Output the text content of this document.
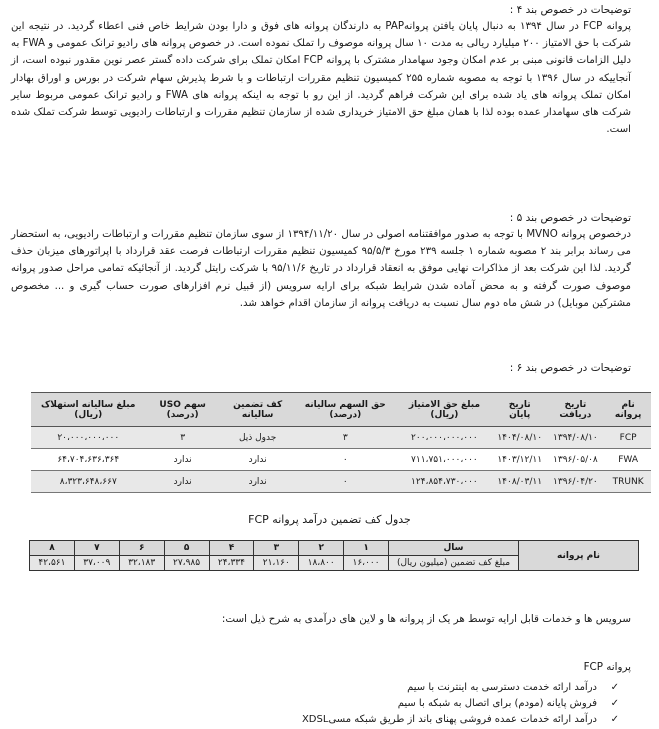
توضیحات در خصوص بند ۴ :

پروانه FCP در سال ۱۳۹۴ به دنبال پایان یافتن پروانهPAP به دارندگان پروانه های فوق و دارا بودن شرایط خاص فنی اعطاء گردید. در نتیجه این شرکت با حق الامتیاز ۲۰۰ میلیارد ریالی به مدت ۱۰ سال پروانه موصوف را تملک نموده است. در خصوص پروانه های رادیو ترانک عمومی و FWA به دلیل الزامات قانونی مبنی بر عدم امکان وجود سهامدار مشترک با پروانه FCP امکان تملک برای شرکت داده گستر عصر نوین مقدور نبوده است، از آنجاییکه در سال ۱۳۹۶ با توجه به مصوبه شماره ۲۵۵ کمیسیون تنظیم مقررات ارتباطات و با شرط پذیرش سهام شرکت در بورس و اوراق بهادار امکان تملک پروانه های یاد شده برای این شرکت فراهم گردید. از این رو با توجه به اینکه پروانه های FWA و رادیو ترانک عمومی مربوط سایر شرکت های سهامدار عمده بوده لذا با همان مبلغ حق الامتیاز خریداری شده از سازمان تنظیم مقررات و ارتباطات رادیویی توسط شرکت تملک شده است.

توضیحات در خصوص بند ۵ :

درخصوص پروانه MVNO با توجه به صدور موافقتنامه اصولی در سال ۱۳۹۴/۱۱/۲۰ از سوی سازمان تنظیم مقررات و ارتباطات رادیویی، به استحضار می رساند برابر بند ۲ مصوبه شماره ۱ جلسه ۲۳۹ مورخ ۹۵/۵/۳ کمیسیون تنظیم مقررات ارتباطات فرصت عقد قرارداد با اپراتورهای میزبان حذف گردید. لذا این شرکت بعد از مذاکرات نهایی موفق به انعقاد قرارداد در تاریخ ۹۵/۱۱/۶ با شرکت رایتل گردید. از آنجائیکه تمامی مراحل صدور پروانه موصوف صورت گرفته و به محض آماده شدن شرایط شبکه برای ارایه سرویس (از قبیل نرم افزارهای صورت حساب گیری و ... مخصوص مشترکین موبایل) در شش ماه دوم سال نسبت به دریافت پروانه از سازمان اقدام خواهد شد.

توضیحات در خصوص بند ۶ :
نام پروانه	تاریخ دریافت	تاریخ پایان	مبلغ حق الامتیاز (ریال)	حق السهم سالیانه (درصد)	کف تضمین سالیانه	سهم USO (درصد)	مبلغ سالیانه استهلاک (ریال)
FCP	۱۳۹۴/۰۸/۱۰	۱۴۰۴/۰۸/۱۰	۲۰۰،۰۰۰،۰۰۰،۰۰۰	۳	جدول ذیل	۳	۲۰،۰۰۰،۰۰۰،۰۰۰
FWA	۱۳۹۶/۰۵/۰۸	۱۴۰۳/۱۲/۱۱	۷۱۱،۷۵۱،۰۰۰،۰۰۰	۰	ندارد	ندارد	۶۴،۷۰۴،۶۳۶،۳۶۴
TRUNK	۱۳۹۶/۰۴/۲۰	۱۴۰۸/۰۳/۱۱	۱۲۴،۸۵۴،۷۳۰،۰۰۰	۰	ندارد	ندارد	۸،۳۲۳،۶۴۸،۶۶۷
جدول کف تضمین درآمد پروانه FCP
نام پروانه	سال	۱	۲	۳	۴	۵	۶	۷	۸
	مبلغ کف تضمین (میلیون ریال)	۱۶،۰۰۰	۱۸،۸۰۰	۲۱،۱۶۰	۲۴،۳۳۴	۲۷،۹۸۵	۳۲،۱۸۳	۳۷،۰۰۹	۴۲،۵۶۱

سرویس ها و خدمات قابل ارایه توسط هر یک از پروانه ها و لاین های درآمدی به شرح ذیل است:

پروانه FCP
✓درآمد ارائه خدمت دسترسی به اینترنت با سیم
✓فروش پایانه (مودم) برای اتصال به شبکه با سیم
✓درآمد ارائه خدمات عمده فروشی پهنای باند از طریق شبکه مسیXDSL
